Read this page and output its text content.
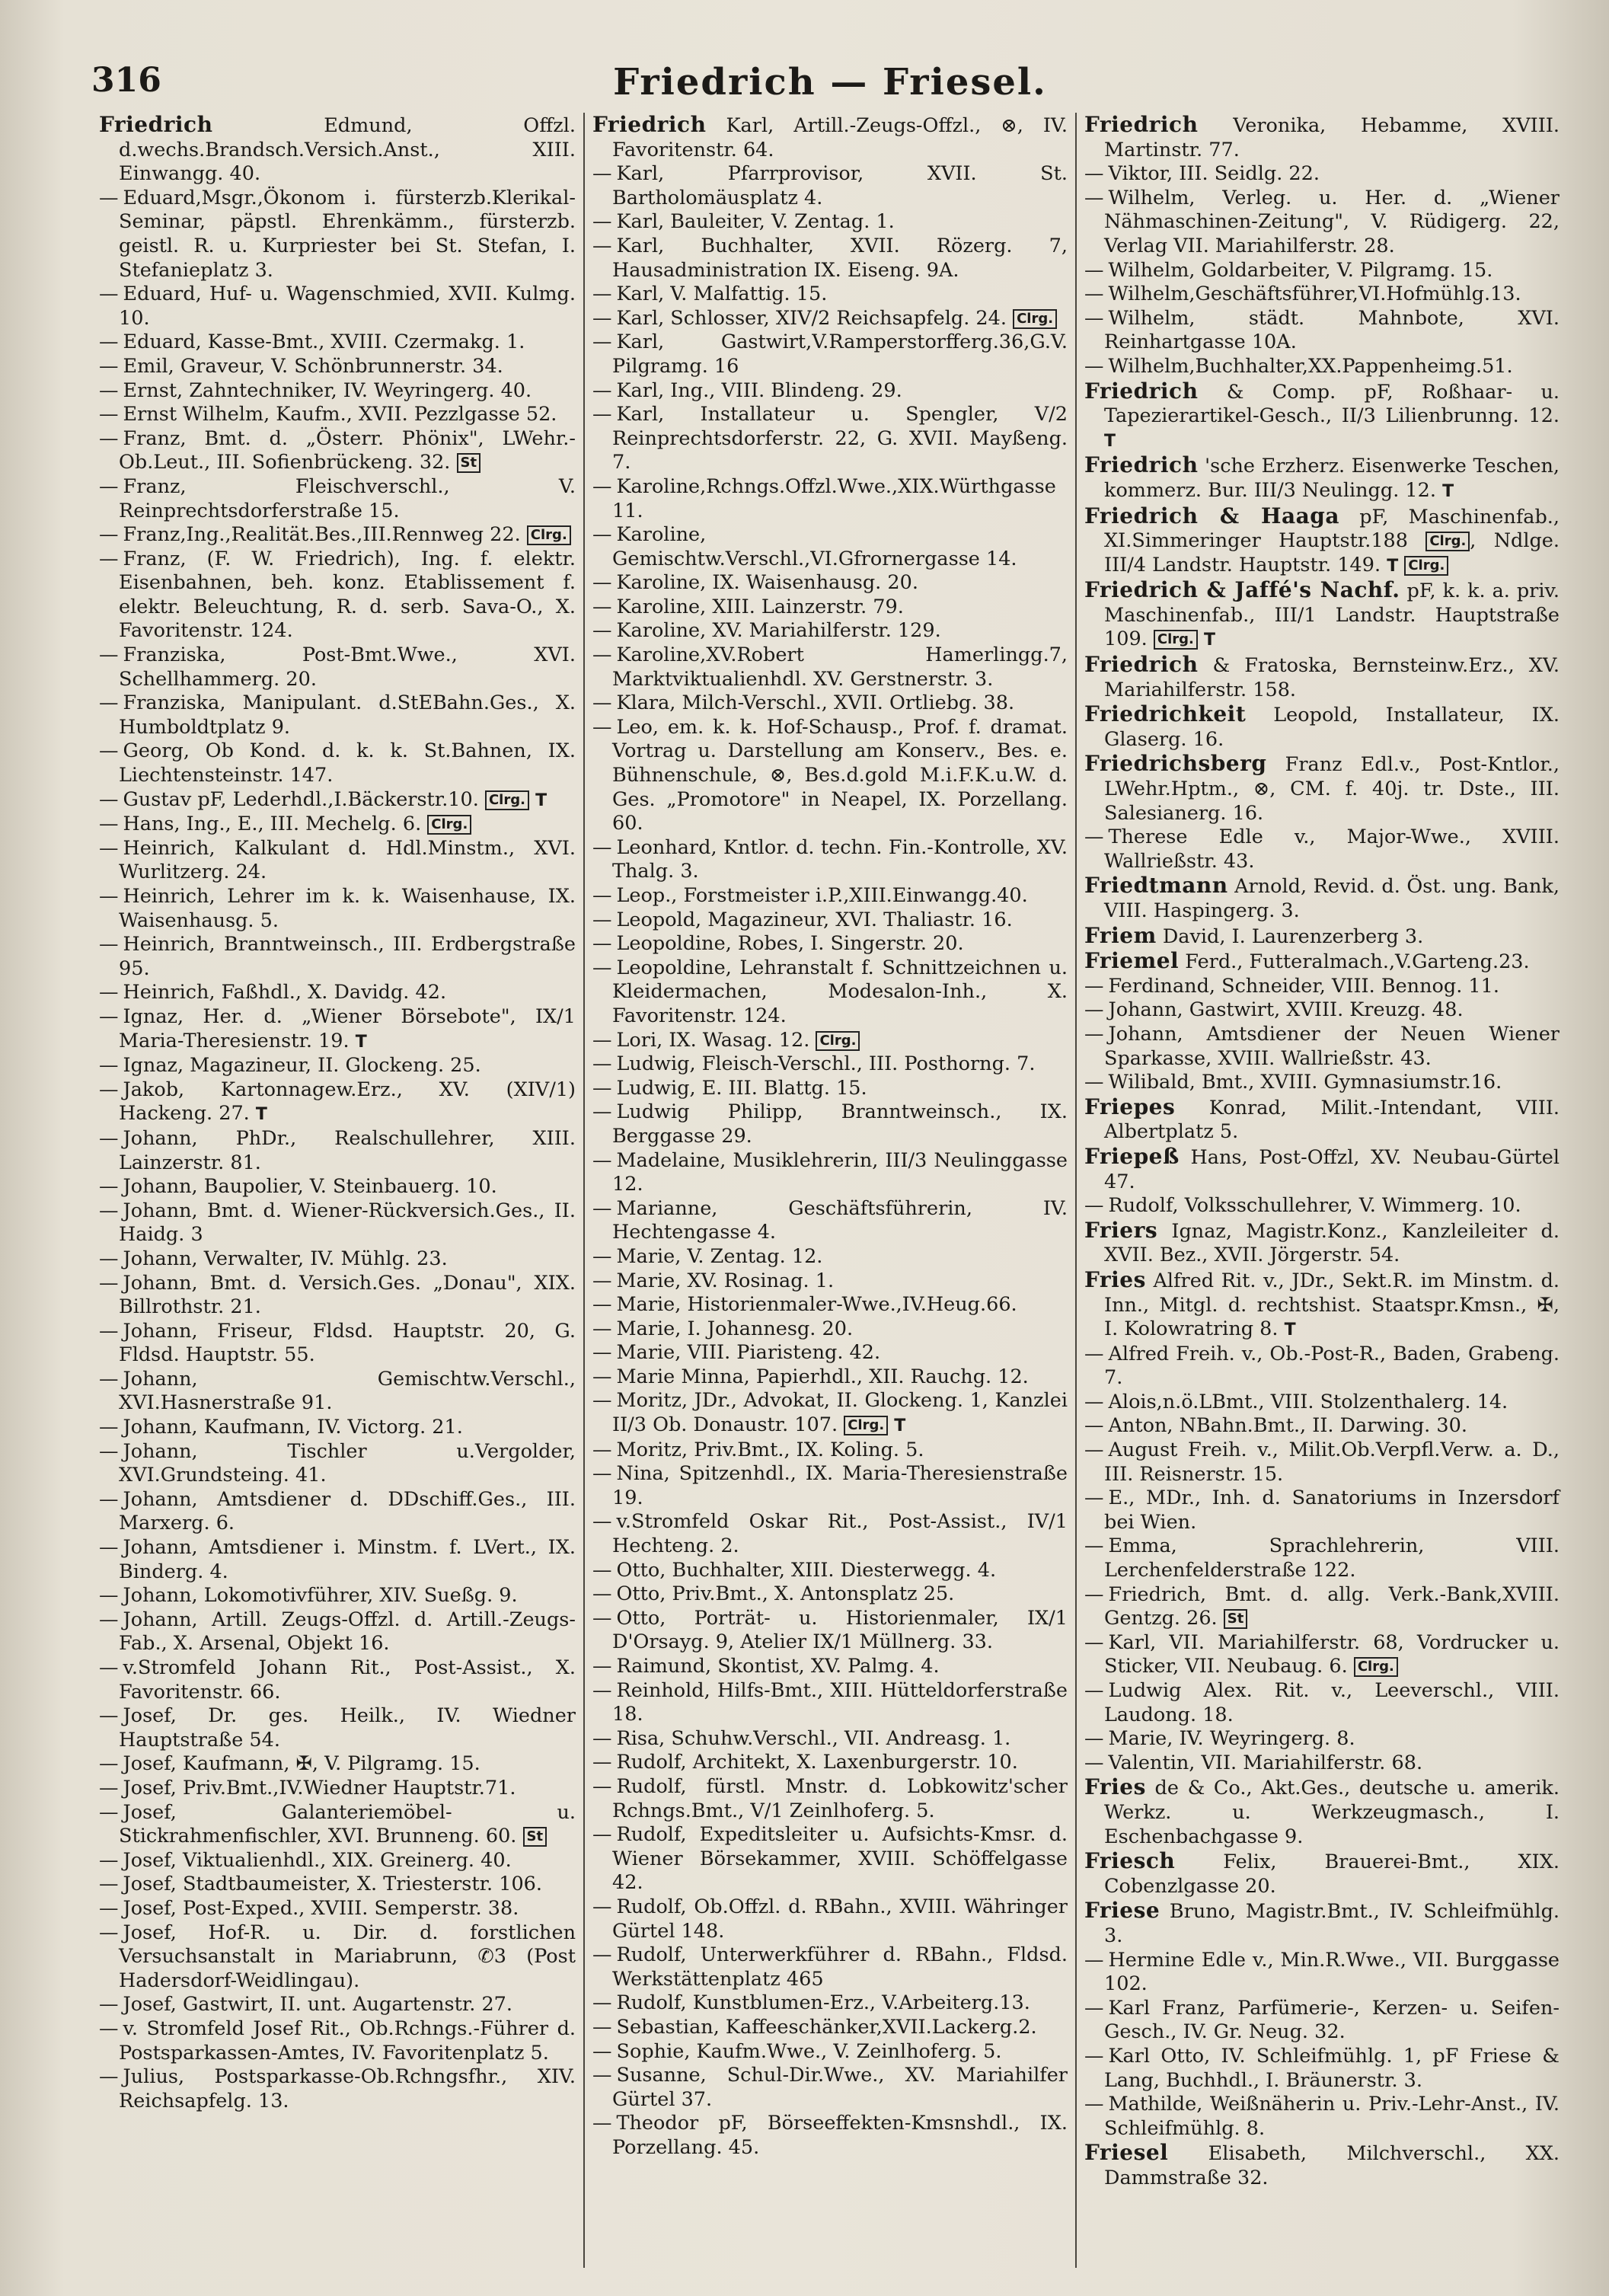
316	Friedrich — Friesel.
Friedrich	Edmund, Offzl. d.wechs.Brandsch.Versich.Anst., XIII. Einwangg. 40.
— Eduard,Msgr.,Ökonom i. fürsterzb.Klerikal-Seminar, päpstl. Ehrenkämm., fürsterzb. geistl. R. u. Kurpriester bei St. Stefan, I. Stefanieplatz 3.
— Eduard, Huf- u. Wagenschmied, XVII. Kulmg. 10.
— Eduard, Kasse-Bmt., XVIII. Czermakg. 1.
— Emil, Graveur, V. Schönbrunnerstr. 34.
— Ernst, Zahntechniker, IV. Weyringerg. 40.
— Ernst Wilhelm, Kaufm., XVII. Pezzlgasse 52.
— Franz, Bmt. d. „Österr. Phönix", LWehr.-Ob.Leut., III. Sofienbrückeng. 32. St
— Franz, Fleischverschl., V. Reinprechtsdorferstraße 15.
— Franz,Ing.,Realität.Bes.,III.Rennweg 22. Clrg.
— Franz, (F. W. Friedrich), Ing. f. elektr. Eisenbahnen, beh. konz. Etablissement f. elektr. Beleuchtung, R. d. serb. Sava-O., X. Favoritenstr. 124.
— Franziska, Post-Bmt.Wwe., XVI. Schellhammerg. 20.
— Franziska, Manipulant. d.StEBahn.Ges., X. Humboldtplatz 9.
— Georg, Ob Kond. d. k. k. St.Bahnen, IX. Liechtensteinstr. 147.
— Gustav pF, Lederhdl.,I.Bäckerstr.10. Clrg. T
— Hans, Ing., E., III. Mechelg. 6. Clrg.
— Heinrich, Kalkulant d. Hdl.Minstm., XVI. Wurlitzerg. 24.
— Heinrich, Lehrer im k. k. Waisenhause, IX. Waisenhausg. 5.
— Heinrich, Branntweinsch., III. Erdbergstraße 95.
— Heinrich, Faßhdl., X. Davidg. 42.
— Ignaz, Her. d. „Wiener Börsebote", IX/1 Maria-Theresienstr. 19. T
— Ignaz, Magazineur, II. Glockeng. 25.
— Jakob, Kartonnagew.Erz., XV. (XIV/1) Hackeng. 27. T
— Johann, PhDr., Realschullehrer, XIII. Lainzerstr. 81.
— Johann, Baupolier, V. Steinbauerg. 10.
— Johann, Bmt. d. Wiener-Rückversich.Ges., II. Haidg. 3
— Johann, Verwalter, IV. Mühlg. 23.
— Johann, Bmt. d. Versich.Ges. „Donau", XIX. Billrothstr. 21.
— Johann, Friseur, Fldsd. Hauptstr. 20, G. Fldsd. Hauptstr. 55.
— Johann, Gemischtw.Verschl., XVI.Hasnerstraße 91.
— Johann, Kaufmann, IV. Victorg. 21.
— Johann, Tischler u.Vergolder, XVI.Grundsteing. 41.
— Johann, Amtsdiener d. DDschiff.Ges., III. Marxerg. 6.
— Johann, Amtsdiener i. Minstm. f. LVert., IX. Binderg. 4.
— Johann, Lokomotivführer, XIV. Sueßg. 9.
— Johann, Artill. Zeugs-Offzl. d. Artill.-Zeugs-Fab., X. Arsenal, Objekt 16.
— v.Stromfeld Johann Rit., Post-Assist., X. Favoritenstr. 66.
— Josef, Dr. ges. Heilk., IV. Wiedner Hauptstraße 54.
— Josef, Kaufmann, ✠, V. Pilgramg. 15.
— Josef, Priv.Bmt.,IV.Wiedner Hauptstr.71.
— Josef, Galanteriemöbel- u. Stickrahmenfischler, XVI. Brunneng. 60. St
— Josef, Viktualienhdl., XIX. Greinerg. 40.
— Josef, Stadtbaumeister, X. Triesterstr. 106.
— Josef, Post-Exped., XVIII. Semperstr. 38.
— Josef, Hof-R. u. Dir. d. forstlichen Versuchsanstalt in Mariabrunn, ✆3 (Post Hadersdorf-Weidlingau).
— Josef, Gastwirt, II. unt. Augartenstr. 27.
— v. Stromfeld Josef Rit., Ob.Rchngs.-Führer d. Postsparkassen-Amtes, IV. Favoritenplatz 5.
— Julius, Postsparkasse-Ob.Rchngsfhr., XIV. Reichsapfelg. 13.
Friedrich Karl, Artill.-Zeugs-Offzl., ⊗, IV. Favoritenstr. 64.
— Karl, Pfarrprovisor, XVII. St. Bartholomäusplatz 4.
— Karl, Bauleiter, V. Zentag. 1.
— Karl, Buchhalter, XVII. Rözerg. 7, Hausadministration IX. Eiseng. 9A.
— Karl, V. Malfattig. 15.
— Karl, Schlosser, XIV/2 Reichsapfelg. 24. Clrg.
— Karl, Gastwirt,V.Ramperstorfferg.36,G.V. Pilgramg. 16
— Karl, Ing., VIII. Blindeng. 29.
— Karl, Installateur u. Spengler, V/2 Reinprechtsdorferstr. 22, G. XVII. Mayßeng. 7.
— Karoline,Rchngs.Offzl.Wwe.,XIX.Würthgasse 11.
— Karoline, Gemischtw.Verschl.,VI.Gfrornergasse 14.
— Karoline, IX. Waisenhausg. 20.
— Karoline, XIII. Lainzerstr. 79.
— Karoline, XV. Mariahilferstr. 129.
— Karoline,XV.Robert Hamerlingg.7, Marktviktualienhdl. XV. Gerstnerstr. 3.
— Klara, Milch-Verschl., XVII. Ortliebg. 38.
— Leo, em. k. k. Hof-Schausp., Prof. f. dramat. Vortrag u. Darstellung am Konserv., Bes. e. Bühnenschule, ⊗, Bes.d.gold M.i.F.K.u.W. d. Ges. „Promotore" in Neapel, IX. Porzellang. 60.
— Leonhard, Kntlor. d. techn. Fin.-Kontrolle, XV. Thalg. 3.
— Leop., Forstmeister i.P.,XIII.Einwangg.40.
— Leopold, Magazineur, XVI. Thaliastr. 16.
— Leopoldine, Robes, I. Singerstr. 20.
— Leopoldine, Lehranstalt f. Schnittzeichnen u. Kleidermachen, Modesalon-Inh., X. Favoritenstr. 124.
— Lori, IX. Wasag. 12. Clrg.
— Ludwig, Fleisch-Verschl., III. Posthorng. 7.
— Ludwig, E. III. Blattg. 15.
— Ludwig Philipp, Branntweinsch., IX. Berggasse 29.
— Madelaine, Musiklehrerin, III/3 Neulinggasse 12.
— Marianne, Geschäftsführerin, IV. Hechtengasse 4.
— Marie, V. Zentag. 12.
— Marie, XV. Rosinag. 1.
— Marie, Historienmaler-Wwe.,IV.Heug.66.
— Marie, I. Johannesg. 20.
— Marie, VIII. Piaristeng. 42.
— Marie Minna, Papierhdl., XII. Rauchg. 12.
— Moritz, JDr., Advokat, II. Glockeng. 1, Kanzlei II/3 Ob. Donaustr. 107. Clrg. T
— Moritz, Priv.Bmt., IX. Koling. 5.
— Nina, Spitzenhdl., IX. Maria-Theresienstraße 19.
— v.Stromfeld Oskar Rit., Post-Assist., IV/1 Hechteng. 2.
— Otto, Buchhalter, XIII. Diesterwegg. 4.
— Otto, Priv.Bmt., X. Antonsplatz 25.
— Otto, Porträt- u. Historienmaler, IX/1 D'Orsayg. 9, Atelier IX/1 Müllnerg. 33.
— Raimund, Skontist, XV. Palmg. 4.
— Reinhold, Hilfs-Bmt., XIII. Hütteldorferstraße 18.
— Risa, Schuhw.Verschl., VII. Andreasg. 1.
— Rudolf, Architekt, X. Laxenburgerstr. 10.
— Rudolf, fürstl. Mnstr. d. Lobkowitz'scher Rchngs.Bmt., V/1 Zeinlhoferg. 5.
— Rudolf, Expeditsleiter u. Aufsichts-Kmsr. d. Wiener Börsekammer, XVIII. Schöffelgasse 42.
— Rudolf, Ob.Offzl. d. RBahn., XVIII. Währinger Gürtel 148.
— Rudolf, Unterwerkführer d. RBahn., Fldsd. Werkstättenplatz 465
— Rudolf, Kunstblumen-Erz., V.Arbeiterg.13.
— Sebastian, Kaffeeschänker,XVII.Lackerg.2.
— Sophie, Kaufm.Wwe., V. Zeinlhoferg. 5.
— Susanne, Schul-Dir.Wwe., XV. Mariahilfer Gürtel 37.
— Theodor pF, Börseeffekten-Kmsnshdl., IX. Porzellang. 45.
Friedrich Veronika, Hebamme, XVIII. Martinstr. 77.
— Viktor, III. Seidlg. 22.
— Wilhelm, Verleg. u. Her. d. „Wiener Nähmaschinen-Zeitung", V. Rüdigerg. 22, Verlag VII. Mariahilferstr. 28.
— Wilhelm, Goldarbeiter, V. Pilgramg. 15.
— Wilhelm,Geschäftsführer,VI.Hofmühlg.13.
— Wilhelm, städt. Mahnbote, XVI. Reinhartgasse 10A.
— Wilhelm,Buchhalter,XX.Pappenheimg.51.
Friedrich & Comp. pF, Roßhaar- u. Tapezierartikel-Gesch., II/3 Lilienbrunng. 12. T
Friedrich 'sche Erzherz. Eisenwerke Teschen, kommerz. Bur. III/3 Neulingg. 12. T
Friedrich & Haaga pF, Maschinenfab., XI.Simmeringer Hauptstr.188 Clrg. , Ndlge. III/4 Landstr. Hauptstr. 149. T Clrg.
Friedrich & Jaffé's Nachf. pF, k. k. a. priv. Maschinenfab., III/1 Landstr. Hauptstraße 109. Clrg. T
Friedrich & Fratoska, Bernsteinw.Erz., XV. Mariahilferstr. 158.
Friedrichkeit Leopold, Installateur, IX. Glaserg. 16.
Friedrichsberg Franz Edl.v., Post-Kntlor., LWehr.Hptm., ⊗, CM. f. 40j. tr. Dste., III. Salesianerg. 16.
— Therese Edle v., Major-Wwe., XVIII. Wallrießstr. 43.
Friedtmann Arnold, Revid. d. Öst. ung. Bank, VIII. Haspingerg. 3.
Friem David, I. Laurenzerberg 3.
Friemel Ferd., Futteralmach.,V.Garteng.23.
— Ferdinand, Schneider, VIII. Bennog. 11.
— Johann, Gastwirt, XVIII. Kreuzg. 48.
— Johann, Amtsdiener der Neuen Wiener Sparkasse, XVIII. Wallrießstr. 43.
— Wilibald, Bmt., XVIII. Gymnasiumstr.16.
Friepes Konrad, Milit.-Intendant, VIII. Albertplatz 5.
Friepeß Hans, Post-Offzl, XV. Neubau-Gürtel 47.
— Rudolf, Volksschullehrer, V. Wimmerg. 10.
Friers Ignaz, Magistr.Konz., Kanzleileiter d. XVII. Bez., XVII. Jörgerstr. 54.
Fries Alfred Rit. v., JDr., Sekt.R. im Minstm. d. Inn., Mitgl. d. rechtshist. Staatspr.Kmsn., ✠, I. Kolowratring 8. T
— Alfred Freih. v., Ob.-Post-R., Baden, Grabeng. 7.
— Alois,n.ö.LBmt., VIII. Stolzenthalerg. 14.
— Anton, NBahn.Bmt., II. Darwing. 30.
— August Freih. v., Milit.Ob.Verpfl.Verw. a. D., III. Reisnerstr. 15.
— E., MDr., Inh. d. Sanatoriums in Inzersdorf bei Wien.
— Emma, Sprachlehrerin, VIII. Lerchenfelderstraße 122.
— Friedrich, Bmt. d. allg. Verk.-Bank,XVIII. Gentzg. 26. St
— Karl, VII. Mariahilferstr. 68, Vordrucker u. Sticker, VII. Neubaug. 6. Clrg.
— Ludwig Alex. Rit. v., Leeverschl., VIII. Laudong. 18.
— Marie, IV. Weyringerg. 8.
— Valentin, VII. Mariahilferstr. 68.
Fries de & Co., Akt.Ges., deutsche u. amerik. Werkz. u. Werkzeugmasch., I. Eschenbachgasse 9.
Friesch Felix, Brauerei-Bmt., XIX. Cobenzlgasse 20.
Friese Bruno, Magistr.Bmt., IV. Schleifmühlg. 3.
— Hermine Edle v., Min.R.Wwe., VII. Burggasse 102.
— Karl Franz, Parfümerie-, Kerzen- u. Seifen-Gesch., IV. Gr. Neug. 32.
— Karl Otto, IV. Schleifmühlg. 1, pF Friese & Lang, Buchhdl., I. Bräunerstr. 3.
— Mathilde, Weißnäherin u. Priv.-Lehr-Anst., IV. Schleifmühlg. 8.
Friesel Elisabeth, Milchverschl., XX. Dammstraße 32.
